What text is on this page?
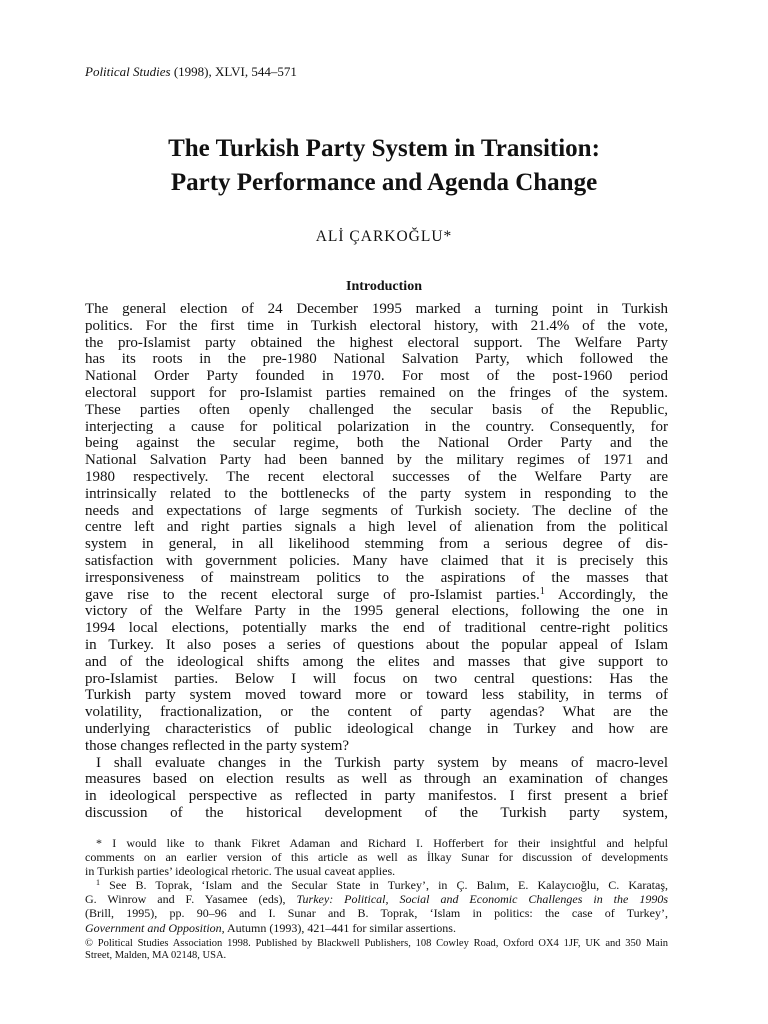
Political Studies (1998), XLVI, 544–571
The Turkish Party System in Transition:
Party Performance and Agenda Change
ALİ ÇARKOĞLU*
Introduction
The general election of 24 December 1995 marked a turning point in Turkish
politics. For the first time in Turkish electoral history, with 21.4% of the vote,
the pro-Islamist party obtained the highest electoral support. The Welfare Party
has its roots in the pre-1980 National Salvation Party, which followed the
National Order Party founded in 1970. For most of the post-1960 period
electoral support for pro-Islamist parties remained on the fringes of the system.
These parties often openly challenged the secular basis of the Republic,
interjecting a cause for political polarization in the country. Consequently, for
being against the secular regime, both the National Order Party and the
National Salvation Party had been banned by the military regimes of 1971 and
1980 respectively. The recent electoral successes of the Welfare Party are
intrinsically related to the bottlenecks of the party system in responding to the
needs and expectations of large segments of Turkish society. The decline of the
centre left and right parties signals a high level of alienation from the political
system in general, in all likelihood stemming from a serious degree of dis-
satisfaction with government policies. Many have claimed that it is precisely this
irresponsiveness of mainstream politics to the aspirations of the masses that
gave rise to the recent electoral surge of pro-Islamist parties.$^1$ Accordingly, the
victory of the Welfare Party in the 1995 general elections, following the one in
1994 local elections, potentially marks the end of traditional centre-right politics
in Turkey. It also poses a series of questions about the popular appeal of Islam
and of the ideological shifts among the elites and masses that give support to
pro-Islamist parties. Below I will focus on two central questions: Has the
Turkish party system moved toward more or toward less stability, in terms of
volatility, fractionalization, or the content of party agendas? What are the
underlying characteristics of public ideological change in Turkey and how are
those changes reflected in the party system?
I shall evaluate changes in the Turkish party system by means of macro-level
measures based on election results as well as through an examination of changes
in ideological perspective as reflected in party manifestos. I first present a brief
discussion of the historical development of the Turkish party system,
* I would like to thank Fikret Adaman and Richard I. Hofferbert for their insightful and helpful
comments on an earlier version of this article as well as İlkay Sunar for discussion of developments
in Turkish parties’ ideological rhetoric. The usual caveat applies.
$^1$ See B. Toprak, ‘Islam and the Secular State in Turkey’, in Ç. Balım, E. Kalaycıoğlu, C. Karataş,
G. Winrow and F. Yasamee (eds), Turkey: Political, Social and Economic Challenges in the 1990s
(Brill, 1995), pp. 90–96 and I. Sunar and B. Toprak, ‘Islam in politics: the case of Turkey’,
Government and Opposition, Autumn (1993), 421–441 for similar assertions.
© Political Studies Association 1998. Published by Blackwell Publishers, 108 Cowley Road, Oxford OX4 1JF, UK and 350 Main
Street, Malden, MA 02148, USA.
